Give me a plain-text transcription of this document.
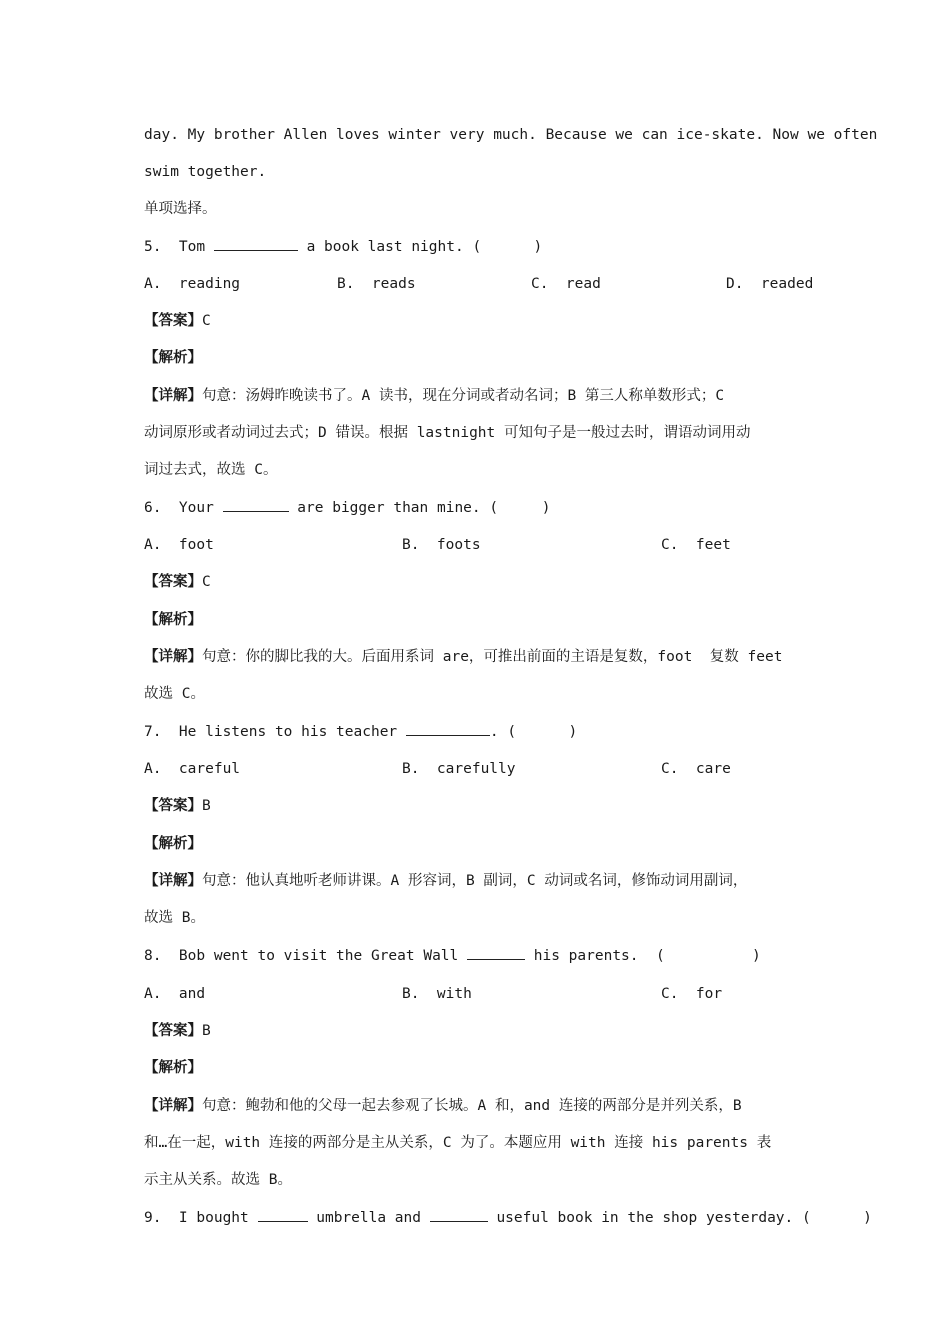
day. My brother Allen loves winter very much. Because we can ice-skate. Now we often
swim together.
单项选择。
5.  Tom	a book last night. (      )
A.  reading	B.  reads	C.  read	D.  readed
【答案】C
【解析】
【详解】句意：汤姆昨晚读书了。A 读书，现在分词或者动名词；B 第三人称单数形式；C
动词原形或者动词过去式；D 错误。根据 lastnight 可知句子是一般过去时，谓语动词用动
词过去式，故选 C。
6.  Your	are bigger than mine. (     )
A.  foot	B.  foots	C.  feet
【答案】C
【解析】
【详解】句意：你的脚比我的大。后面用系词 are，可推出前面的主语是复数，foot  复数 feet
故选 C。
7.  He listens to his teacher	. (      )
A.  careful	B.  carefully	C.  care
【答案】B
【解析】
【详解】句意：他认真地听老师讲课。A 形容词，B 副词，C 动词或名词，修饰动词用副词，
故选 B。
8.  Bob went to visit the Great Wall	his parents.  (          )
A.  and	B.  with	C.  for
【答案】B
【解析】
【详解】句意：鲍勃和他的父母一起去参观了长城。A 和，and 连接的两部分是并列关系，B
和…在一起，with 连接的两部分是主从关系，C 为了。本题应用 with 连接 his parents 表
示主从关系。故选 B。
9.  I bought	umbrella and	useful book in the shop yesterday. (      )
